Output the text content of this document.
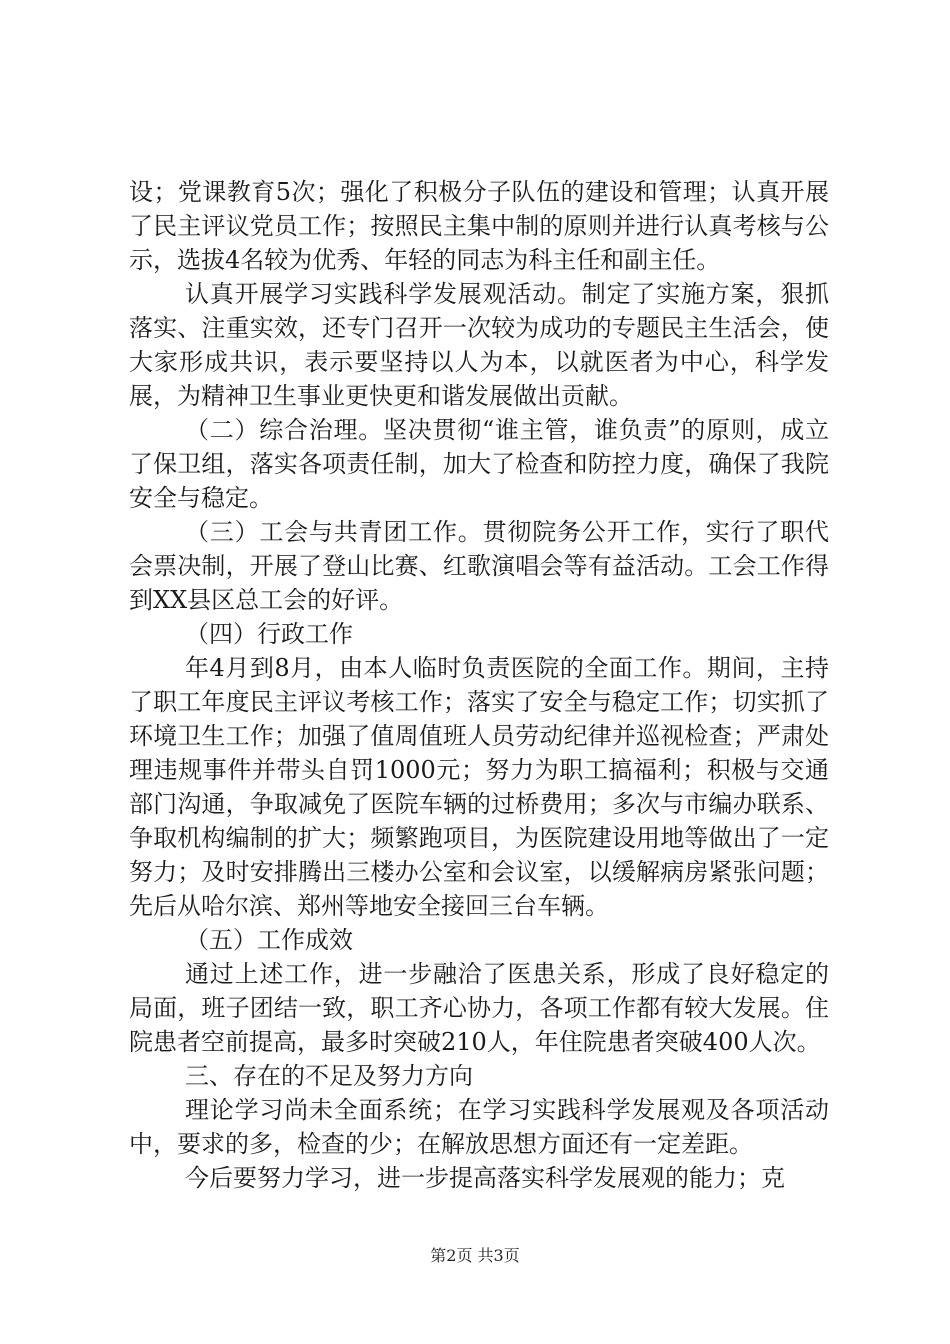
设；党课教育5次；强化了积极分子队伍的建设和管理；认真开展了民主评议党员工作；按照民主集中制的原则并进行认真考核与公示，选拔4名较为优秀、年轻的同志为科主任和副主任。

认真开展学习实践科学发展观活动。制定了实施方案，狠抓落实、注重实效，还专门召开一次较为成功的专题民主生活会，使大家形成共识，表示要坚持以人为本，以就医者为中心，科学发展，为精神卫生事业更快更和谐发展做出贡献。

（二）综合治理。坚决贯彻“谁主管，谁负责”的原则，成立了保卫组，落实各项责任制，加大了检查和防控力度，确保了我院安全与稳定。

（三）工会与共青团工作。贯彻院务公开工作，实行了职代会票决制，开展了登山比赛、红歌演唱会等有益活动。工会工作得到XX县区总工会的好评。

（四）行政工作

年4月到8月，由本人临时负责医院的全面工作。期间，主持了职工年度民主评议考核工作；落实了安全与稳定工作；切实抓了环境卫生工作；加强了值周值班人员劳动纪律并巡视检查；严肃处理违规事件并带头自罚1000元；努力为职工搞福利；积极与交通部门沟通，争取减免了医院车辆的过桥费用；多次与市编办联系、争取机构编制的扩大；频繁跑项目，为医院建设用地等做出了一定努力；及时安排腾出三楼办公室和会议室，以缓解病房紧张问题；先后从哈尔滨、郑州等地安全接回三台车辆。

（五）工作成效

通过上述工作，进一步融洽了医患关系，形成了良好稳定的局面，班子团结一致，职工齐心协力，各项工作都有较大发展。住院患者空前提高，最多时突破210人，年住院患者突破400人次。

三、存在的不足及努力方向

理论学习尚未全面系统；在学习实践科学发展观及各项活动中，要求的多，检查的少；在解放思想方面还有一定差距。

今后要努力学习，进一步提高落实科学发展观的能力；克

第2页 共3页
